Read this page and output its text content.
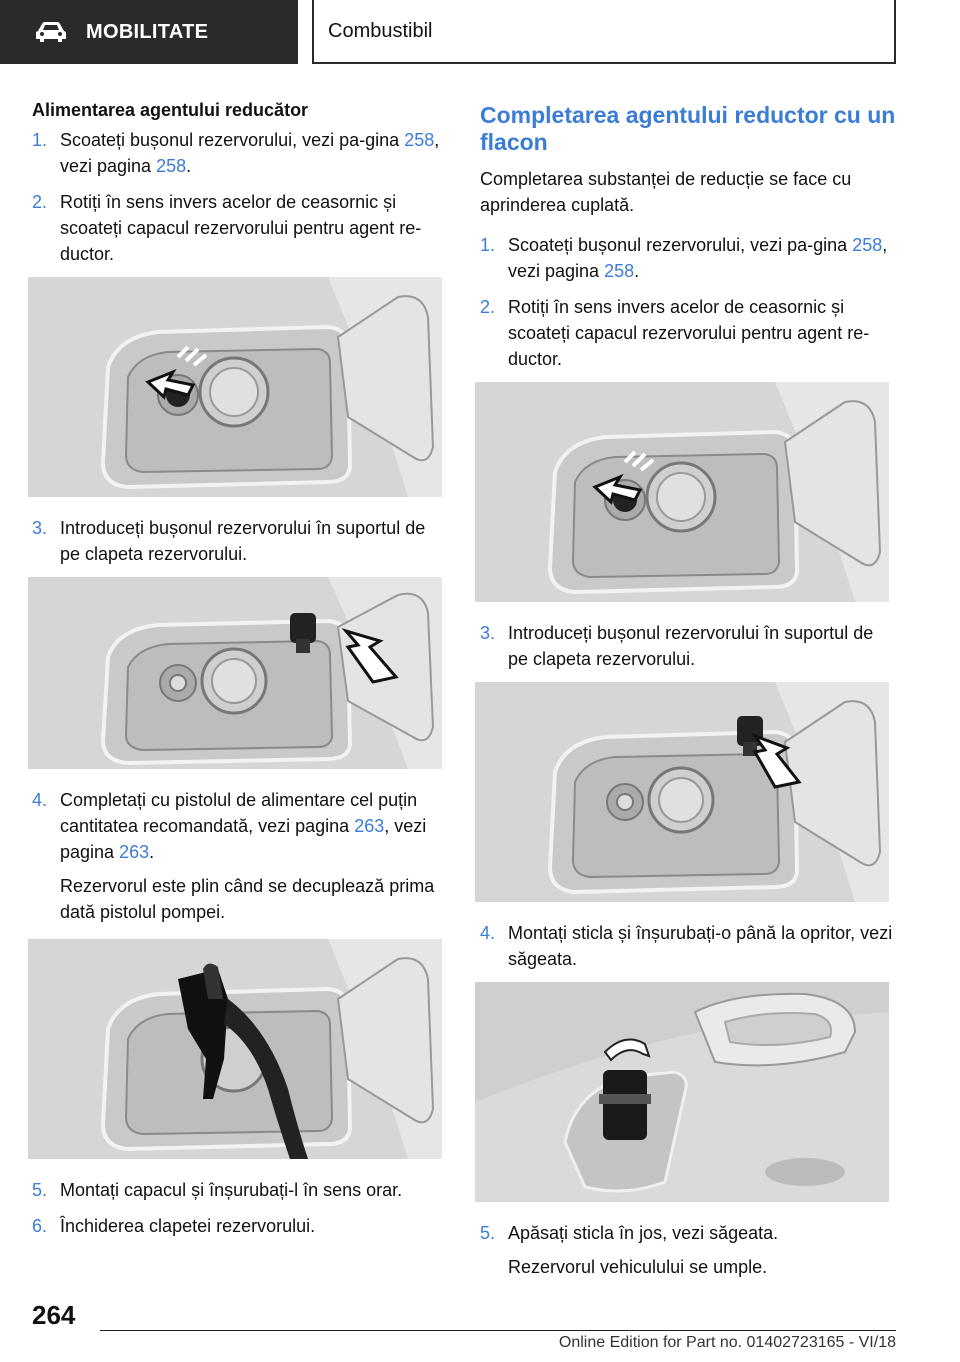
MOBILITATE	Combustibil
Alimentarea agentului reducător
1. Scoateți bușonul rezervorului, vezi pa-gina 258, vezi pagina 258.
2. Rotiți în sens invers acelor de ceasornic și scoateți capacul rezervorului pentru agent re-ductor.
3. Introduceți bușonul rezervorului în suportul de pe clapeta rezervorului.
4. Completați cu pistolul de alimentare cel puțin cantitatea recomandată, vezi pagina 263, vezi pagina 263.

Rezervorul este plin când se decuplează prima dată pistolul pompei.

5. Montați capacul și înșurubați-l în sens orar.
6. Închiderea clapetei rezervorului.
Completarea agentului reductor cu un flacon

Completarea substanței de reducție se face cu aprinderea cuplată.

1. Scoateți bușonul rezervorului, vezi pa-gina 258, vezi pagina 258.
2. Rotiți în sens invers acelor de ceasornic și scoateți capacul rezervorului pentru agent re-ductor.
3. Introduceți bușonul rezervorului în suportul de pe clapeta rezervorului.
4. Montați sticla și înșurubați-o până la opritor, vezi săgeata.
5. Apăsați sticla în jos, vezi săgeata.

Rezervorul vehiculului se umple.

264
Online Edition for Part no. 01402723165 - VI/18
